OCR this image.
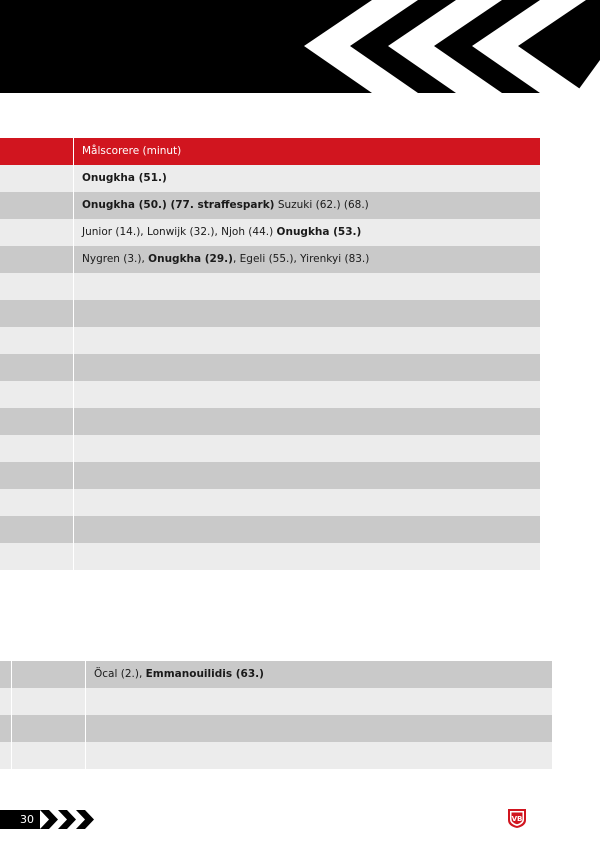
Målscorere (minut)
Onugkha (51.)
Onugkha (50.) (77. straffespark) Suzuki (62.) (68.)
Junior (14.), Lonwijk (32.), Njoh (44.) Onugkha (53.)
Nygren (3.), Onugkha (29.), Egeli (55.), Yirenkyi (83.)
Öcal (2.), Emmanouilidis (63.)
30	VB
